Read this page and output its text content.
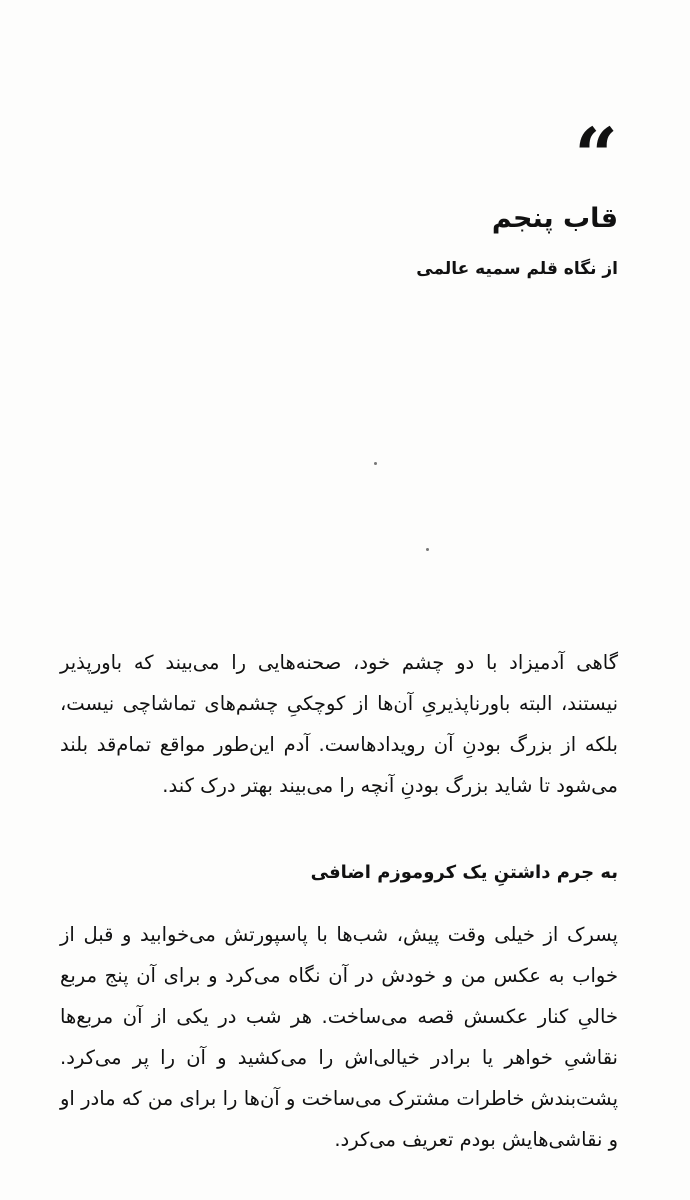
“
قاب پنجم
از نگاه قلم سمیه عالمی

گاهی آدمیزاد با دو چشم خود، صحنه‌هایی را می‌بیند که باورپذیر نیستند، البته باورناپذیریِ آن‌ها از کوچکیِ چشم‌های تماشاچی نیست، بلکه از بزرگ بودنِ آن رویدادهاست. آدم این‌طور مواقع تمام‌قد بلند می‌شود تا شاید بزرگ بودنِ آنچه را می‌بیند بهتر درک کند.

به جرم داشتنِ یک کروموزم اضافی

پسرک از خیلی وقت پیش، شب‌ها با پاسپورتش می‌خوابید و قبل از خواب به عکس من و خودش در آن نگاه می‌کرد و برای آن پنج مربع خالیِ کنار عکسش قصه می‌ساخت. هر شب در یکی از آن مربع‌ها نقاشیِ خواهر یا برادر خیالی‌اش را می‌کشید و آن را پر می‌کرد. پشت‌بندش خاطرات مشترک می‌ساخت و آن‌ها را برای من که مادر او و نقاشی‌هایش بودم تعریف می‌کرد.
